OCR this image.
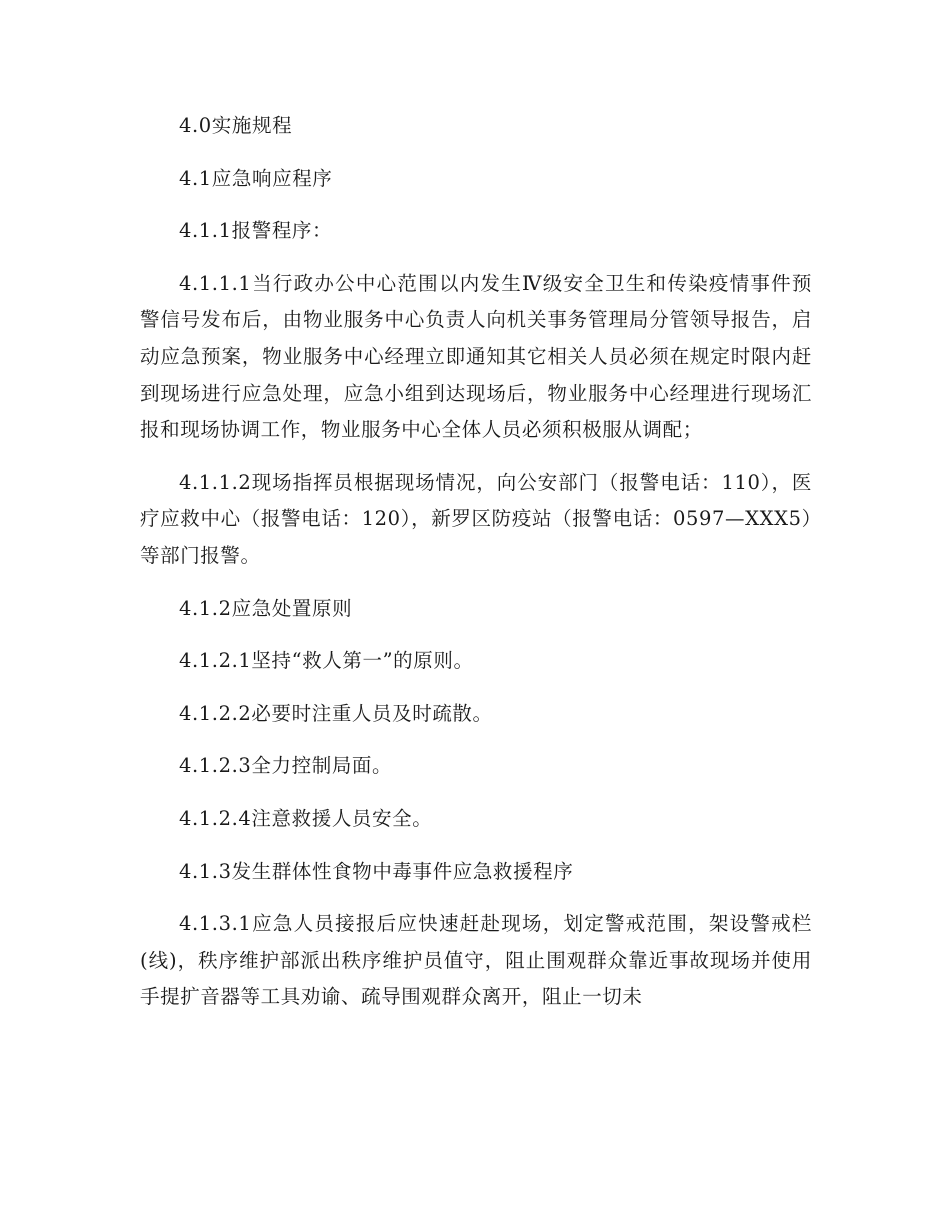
4.0实施规程

4.1应急响应程序

4.1.1报警程序：

4.1.1.1当行政办公中心范围以内发生Ⅳ级安全卫生和传染疫情事件预警信号发布后，由物业服务中心负责人向机关事务管理局分管领导报告，启动应急预案，物业服务中心经理立即通知其它相关人员必须在规定时限内赶到现场进行应急处理，应急小组到达现场后，物业服务中心经理进行现场汇报和现场协调工作，物业服务中心全体人员必须积极服从调配；

4.1.1.2现场指挥员根据现场情况，向公安部门（报警电话：110），医疗应救中心（报警电话：120），新罗区防疫站（报警电话：0597—XXX5）等部门报警。

4.1.2应急处置原则

4.1.2.1坚持“救人第一”的原则。

4.1.2.2必要时注重人员及时疏散。

4.1.2.3全力控制局面。

4.1.2.4注意救援人员安全。

4.1.3发生群体性食物中毒事件应急救援程序

4.1.3.1应急人员接报后应快速赶赴现场，划定警戒范围，架设警戒栏(线)，秩序维护部派出秩序维护员值守，阻止围观群众靠近事故现场并使用手提扩音器等工具劝谕、疏导围观群众离开，阻止一切未
